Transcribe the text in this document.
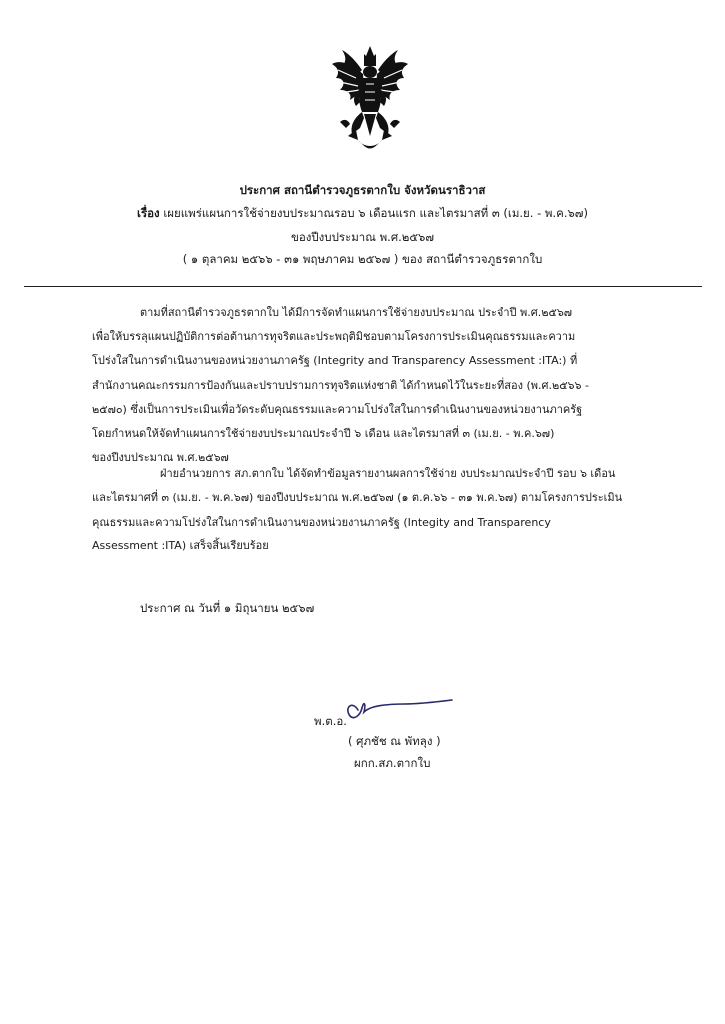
ประกาศ สถานีตำรวจภูธรตากใบ จังหวัดนราธิวาส
เรื่อง เผยแพร่แผนการใช้จ่ายงบประมาณรอบ ๖ เดือนแรก และไตรมาสที่ ๓ (เม.ย. - พ.ค.๖๗)
ของปีงบประมาณ พ.ศ.๒๕๖๗
( ๑ ตุลาคม ๒๕๖๖ - ๓๑ พฤษภาคม ๒๕๖๗ ) ของ สถานีตำรวจภูธรตากใบ
ตามที่สถานีตำรวจภูธรตากใบ ได้มีการจัดทำแผนการใช้จ่ายงบประมาณ ประจำปี พ.ศ.๒๕๖๗
เพื่อให้บรรลุแผนปฏิบัติการต่อต้านการทุจริตและประพฤติมิชอบตามโครงการประเมินคุณธรรมและความ
โปร่งใสในการดำเนินงานของหน่วยงานภาครัฐ (Integrity and Transparency Assessment :ITA:) ที่
สำนักงานคณะกรรมการป้องกันและปราบปรามการทุจริตแห่งชาติ ได้กำหนดไว้ในระยะที่สอง (พ.ศ.๒๕๖๖ -
๒๕๗๐) ซึ่งเป็นการประเมินเพื่อวัดระดับคุณธรรมและความโปร่งใสในการดำเนินงานของหน่วยงานภาครัฐ
โดยกำหนดให้จัดทำแผนการใช้จ่ายงบประมาณประจำปี ๖ เดือน และไตรมาสที่ ๓ (เม.ย. - พ.ค.๖๗)
ของปีงบประมาณ พ.ศ.๒๕๖๗
ฝ่ายอำนวยการ สภ.ตากใบ ได้จัดทำข้อมูลรายงานผลการใช้จ่าย งบประมาณประจำปี รอบ ๖ เดือน
และไตรมาศที่ ๓ (เม.ย. - พ.ค.๖๗) ของปีงบประมาณ พ.ศ.๒๕๖๗ (๑ ต.ค.๖๖ - ๓๑ พ.ค.๖๗) ตามโครงการประเมิน
คุณธรรมและความโปร่งใสในการดำเนินงานของหน่วยงานภาครัฐ (Integity and Transparency
Assessment :ITA) เสร็จสิ้นเรียบร้อย
ประกาศ ณ วันที่ ๑ มิถุนายน ๒๕๖๗
พ.ต.อ.
( ศุภชัช ณ พัทลุง )
ผกก.สภ.ตากใบ
